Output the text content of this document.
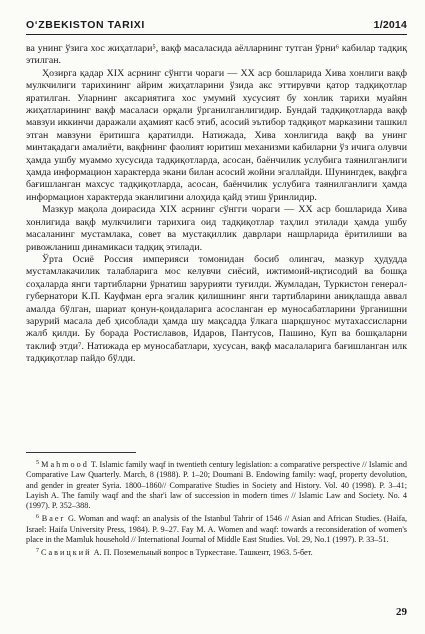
O‘ZBEKISTON TARIXI	1/2014

ва унинг ўзига хос жиҳатлари⁵, вақф масаласида аёлларнинг тутган ўрни⁶ кабилар тадқиқ этилган.

Ҳозирга қадар XIX асрнинг сўнгги чораги — XX аср бошларида Хива хонлиги вақф мулкчилиги тарихининг айрим жиҳатларини ўзида акс эттирувчи қатор тадқиқотлар яратилган. Уларнинг аксариятига хос умумий хусусият бу хонлик тарихи муайян жиҳатларининг вақф масаласи орқали ўрганилганлигидир. Бундай тадқиқотларда вақф мавзуи иккинчи даражали аҳамият касб этиб, асосий эътибор тадқиқот марказини ташкил этган мавзуни ёритишга қаратилди. Натижада, Хива хонлигида вақф ва унинг минтақадаги амалиёти, вақфнинг фаолият юритиш механизми кабиларни ўз ичига олувчи ҳамда ушбу муаммо хусусида тадқиқотларда, асосан, баёнчилик услубига таянилганлиги ҳамда информацион характерда экани билан асосий жойни эгаллайди. Шунингдек, вақфга бағишланган махсус тадқиқотларда, асосан, баёнчилик услубига таянилганлиги ҳамда информацион характерда эканлигини алоҳида қайд этиш ўринлидир.

Мазкур мақола доирасида XIX асрнинг сўнгги чораги — XX аср бошларида Хива хонлигида вақф мулкчилиги тарихига оид тадқиқотлар таҳлил этилади ҳамда ушбу масаланинг мустамлака, совет ва мустақиллик даврлари нашрларида ёритилиши ва ривожланиш динамикаси тадқиқ этилади.

Ўрта Осиё Россия империяси томонидан босиб олингач, мазкур ҳудудда мустамлакачилик талабларига мос келувчи сиёсий, ижтимоий-иқтисодий ва бошқа соҳаларда янги тартибларни ўрнатиш зарурияти туғилди. Жумладан, Туркистон генерал-губернатори К.П. Кауфман ерга эгалик қилишнинг янги тартибларини аниқлашда аввал амалда бўлган, шариат қонун-қоидаларига асосланган ер муносабатларини ўрганишни зарурий масала деб ҳисоблади ҳамда шу мақсадда ўлкага шарқшунос мутахассисларни жалб қилди. Бу борада Ростиславов, Идаров, Пантусов, Пашино, Куп ва бошқаларни таклиф этди⁷. Натижада ер муносабатлари, хусусан, вақф масалаларига бағишланган илк тадқиқотлар пайдо бўлди.

$^5$ Mahmood T. Islamic family waqf in twentieth century legislation: a comparative perspective // Islamic and Comparative Law Quarterly. March, 8 (1988). P. 1–20; Doumani B. Endowing family: waqf, property devolution, and gender in greater Syria. 1800–1860// Comparative Studies in Society and History. Vol. 40 (1998). P. 3–41; Layish A. The family waqf and the shar'i law of succession in modern times // Islamic Law and Society. No. 4 (1997). P. 352–388.

$^6$ Baer G. Woman and waqf: an analysis of the Istanbul Tahrir of 1546 // Asian and African Studies. (Haifa, Israel: Haifa University Press, 1984). P. 9–27. Fay M. A. Women and waqf: towards a reconsideration of women's place in the Mamluk household // International Journal of Middle East Studies. Vol. 29, No.1 (1997). P. 33–51.

$^7$ Савицкий А. П. Поземельный вопрос в Туркестане. Ташкент, 1963. 5-бет.

29
